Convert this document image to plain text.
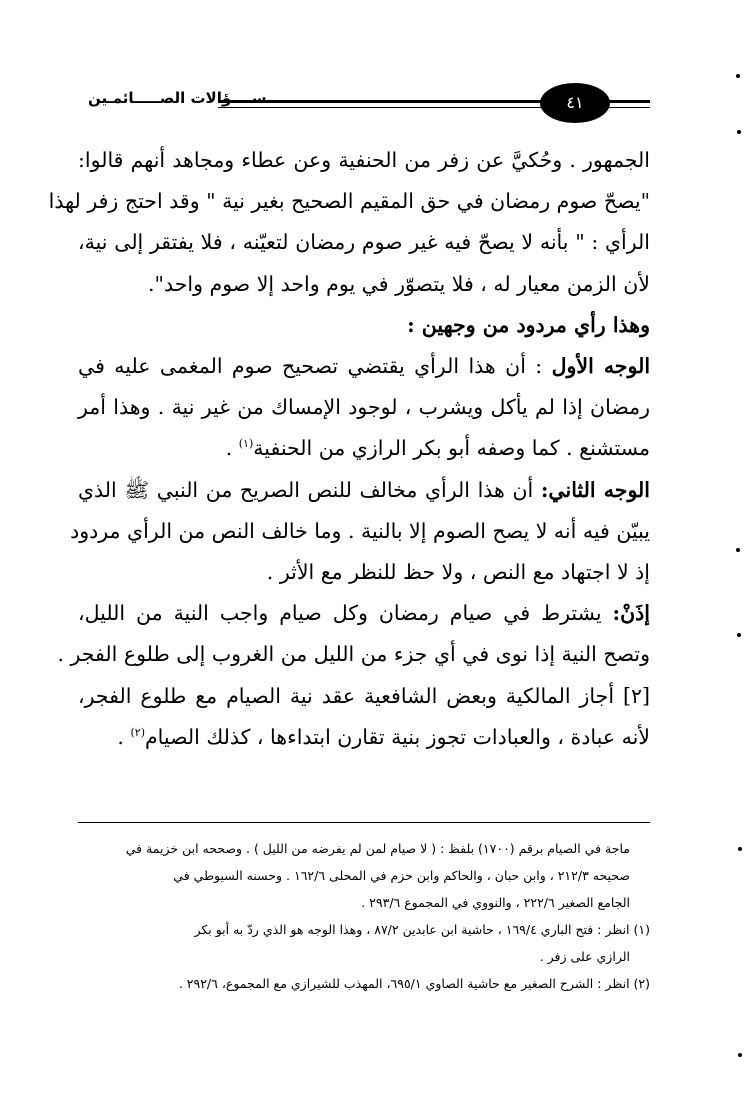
ســــؤالات الصـــــائمـين	٤١
الجمهور . وحُكيَّ عن زفر من الحنفية وعن عطاء ومجاهد أنهم قالوا:
"يصحّ صوم رمضان في حق المقيم الصحيح بغير نية " وقد احتج زفر لهذا
الرأي : " بأنه لا يصحّ فيه غير صوم رمضان لتعيّنه ، فلا يفتقر إلى نية،
لأن الزمن معيار له ، فلا يتصوّر في يوم واحد إلا صوم واحد".
وهذا رأي مردود من وجهين :
الوجه الأول : أن هذا الرأي يقتضي تصحيح صوم المغمى عليه في
رمضان إذا لم يأكل ويشرب ، لوجود الإمساك من غير نية . وهذا أمر
مستشنع . كما وصفه أبو بكر الرازي من الحنفية$^{(١)}$ .
الوجه الثاني: أن هذا الرأي مخالف للنص الصريح من النبي ﷺ الذي
يبيّن فيه أنه لا يصح الصوم إلا بالنية . وما خالف النص من الرأي مردود
إذ لا اجتهاد مع النص ، ولا حظ للنظر مع الأثر .
إذَنْ: يشترط في صيام رمضان وكل صيام واجب النية من الليل،
وتصح النية إذا نوى في أي جزء من الليل من الغروب إلى طلوع الفجر .
[٢] أجاز المالكية وبعض الشافعية عقد نية الصيام مع طلوع الفجر،
لأنه عبادة ، والعبادات تجوز بنية تقارن ابتداءها ، كذلك الصيام$^{(٢)}$ .
ماجة في الصيام برقم (١٧٠٠) بلفظ : ( لا صيام لمن لم يفرضه من الليل ) . وصححه ابن خزيمة في
صحيحه ٢١٢/٣ ، وابن حبان ، والحاكم وابن حزم في المحلى ١٦٢/٦ . وحسنه السيوطي في
الجامع الصغير ٢٢٢/٦ ، والنووي في المجموع ٢٩٣/٦ .
(١) انظر : فتح الباري ١٦٩/٤ ، حاشية ابن عابدين ٨٧/٢ ، وهذا الوجه هو الذي ردّ به أبو بكر
الرازي على زفر .
(٢) انظر : الشرح الصغير مع حاشية الصاوي ٦٩٥/١، المهذب للشيرازي مع المجموع، ٢٩٢/٦ .
